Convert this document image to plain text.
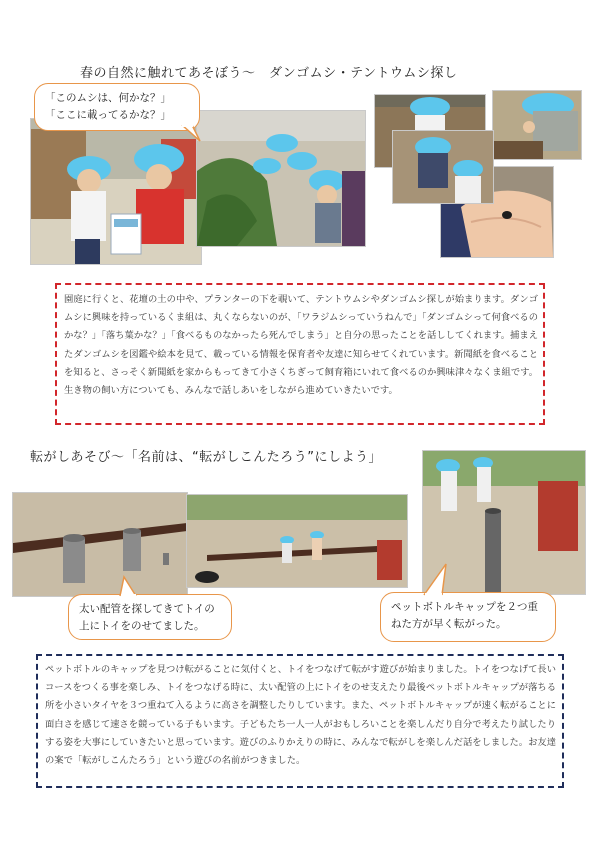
春の自然に触れてあそぼう～　ダンゴムシ・テントウムシ探し
「このムシは、何かな？」
「ここに載ってるかな？」
園庭に行くと、花壇の土の中や、プランターの下を覗いて、テントウムシやダンゴムシ探しが始まります。ダンゴムシに興味を持っているくま組は、丸くならないのが、「ワラジムシっていうねんで」「ダンゴムシって何食べるのかな？」「落ち葉かな？」「食べるものなかったら死んでしまう」と自分の思ったことを話ししてくれます。捕まえたダンゴムシを図鑑や絵本を見て、載っている情報を保育者や友達に知らせてくれています。新聞紙を食べることを知ると、さっそく新聞紙を家からもってきて小さくちぎって飼育箱にいれて食べるのか興味津々なくま組です。生き物の飼い方についても、みんなで話しあいをしながら進めていきたいです。
転がしあそび～「名前は、“転がしこんたろう”にしよう」
太い配管を探してきてトイの
上にトイをのせてました。
ペットボトルキャップを２つ重
ねた方が早く転がった。
ペットボトルのキャップを見つけ転がることに気付くと、トイをつなげて転がす遊びが始まりました。トイをつなげて長いコースをつくる事を楽しみ、トイをつなげる時に、太い配管の上にトイをのせ支えたり最後ペットボトルキャップが落ちる所を小さいタイヤを３つ重ねて入るように高さを調整したりしています。また、ペットボトルキャップが速く転がることに面白さを感じて速さを競っている子もいます。子どもたち一人一人がおもしろいことを楽しんだり自分で考えたり試したりする姿を大事にしていきたいと思っています。遊びのふりかえりの時に、みんなで転がしを楽しんだ話をしました。お友達の案で「転がしこんたろう」という遊びの名前がつきました。
